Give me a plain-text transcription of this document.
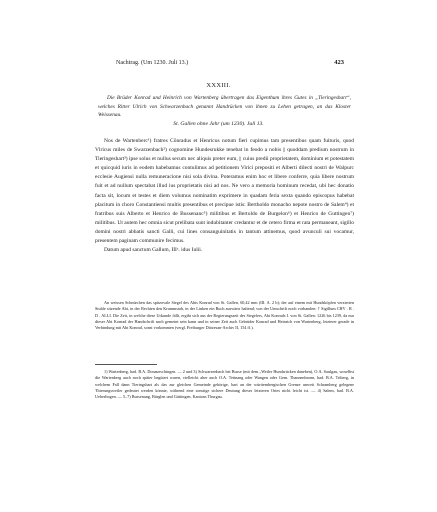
Nachtrag. (Um 1230. Juli 13.)	423
XXXIII.

Die Brüder Konrad und Heinrich von Wartenberg übertragen das Eigenthum ihres Gutes in „Tieringeshart“, welches Ritter Ulrich von Schwarzenbach genannt Handrücken von ihnen zu Lehen getragen, an das Kloster Weissenau.

St. Gallen ohne Jahr (um 1230). Juli 13.

Nos de Wartenberc¹) fratres Cŏnradus et Henricus notum fieri cupimus tam presentibus quam fuituris, quod Vlricus miles de Swarzenbach²) cognomine Hundesrukke tenebat in feodo a nobis || quoddam predium nostrum in Tieringeshart³) ipse solus et nullus secum nec aliquis preter eum, || cuius predii proprietatem, dominium et potestatem et quicquid iuris in eodem habebamus contulimus ad petitionem Virici prepositi et Alberti dilecti nostri de Walpurc ecclesie Augiensi nulla remuneracione nisi sola divina. Poteramus enim hoc et libere conferre, quia libere nostrum fuit et ad nullum spectabat illud ius proprietatis nisi ad nos. Ne vero a memoria hominum recedat, ubi hec donatio facta sit, locum et testes et diem volumus nominatim exprimere in quadam feria sexta quando episcopus habebat placitum in choro Constantiensi multis presentibus et precipue istis: Bertholdo monacho nepote nostro de Salem⁴) et fratribus suis Alberto et Henrico de Bussenanc⁵) militibus et Bertoldo de Burgelon⁶) et Henrico de Guttingen⁷) militibus. Ut autem hec omnia sicut prelibata sunt indubitanter credantur et de cetero firma et rata permaneant, sigillo domini nostri abbatis sancti Galli, cui lines consanguinitatis in tantum attinemus, quod avunculi sui vocamur, presentem paginam communire fecimus.

Datum apud sanctum Gallum, IIIᵃ. idus Iulii.

An weissen Schnürchen das spitzovale Siegel des Abts Konrad von St. Gallen, 60,42 mm (III. A. 2 b); der auf einem mit Hundsköpfen verzierten Stuhle sitzende Abt, in der Rechten den Krummstab, in der Linken ein Buch auswärts haltend; von der Umschrift noch vorhanden: † Sigillum CHV . R . D . ALLI. Die Zeit, in welche diese Urkunde fällt, ergibt sich aus der Regierungszeit des Siegelers, Abt Konrads I. von St. Gallen: 1226 bis 1239, da nur dieser Abt Konrad der Handschrift nach gemeint sein kann und in seiner Zeit auch Gebrüder Konrad und Heinrich von Wartenberg, letzterer gerade in Verbindung mit Abt Konrad, sonst vorkommen (vergl. Freiburger Diözesan-Archiv II, 154 ff.).

1) Wartenberg, bad. B.A. Donaueschingen. — 2 und 3) Schwarzenbach bei Busse (mit dem „Weiler Hundsrücken daneben), O.A. Saulgau, woselbst die Wartenberg auch noch später begütert waren, vielleicht aber auch O.A. Tettnang oder Wangen oder Gem. Thannenbronn, bad. B.A. Triberg, in welchem Fall dann Tieringshart als das zur gleichen Gemeinde gehörige, hart an der württembergischen Grenze unweit Schramberg gelegene Thierungsweiler gedeutet werden könnte, während eine sonstige sichere Deutung dieses letzteren Ortes nicht leicht ist. — 4) Salem, bad. B.A. Ueberlingen. — 5–7) Bussenang, Bürglen und Güttingen, Kantons Thurgau.
